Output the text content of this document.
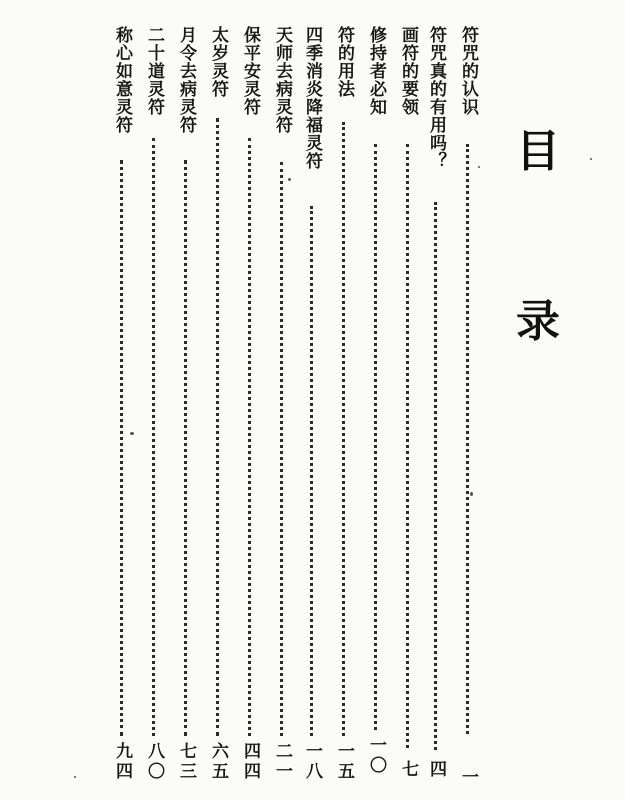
目
录
符咒的认识
一
符咒真的有用吗？
四
画符的要领
七
修持者必知
一〇
符的用法
一五
四季消炎降福灵符
一八
天师去病灵符
二一
保平安灵符
四四
太岁灵符
六五
月令去病灵符
七三
二十道灵符
八〇
称心如意灵符
九四
